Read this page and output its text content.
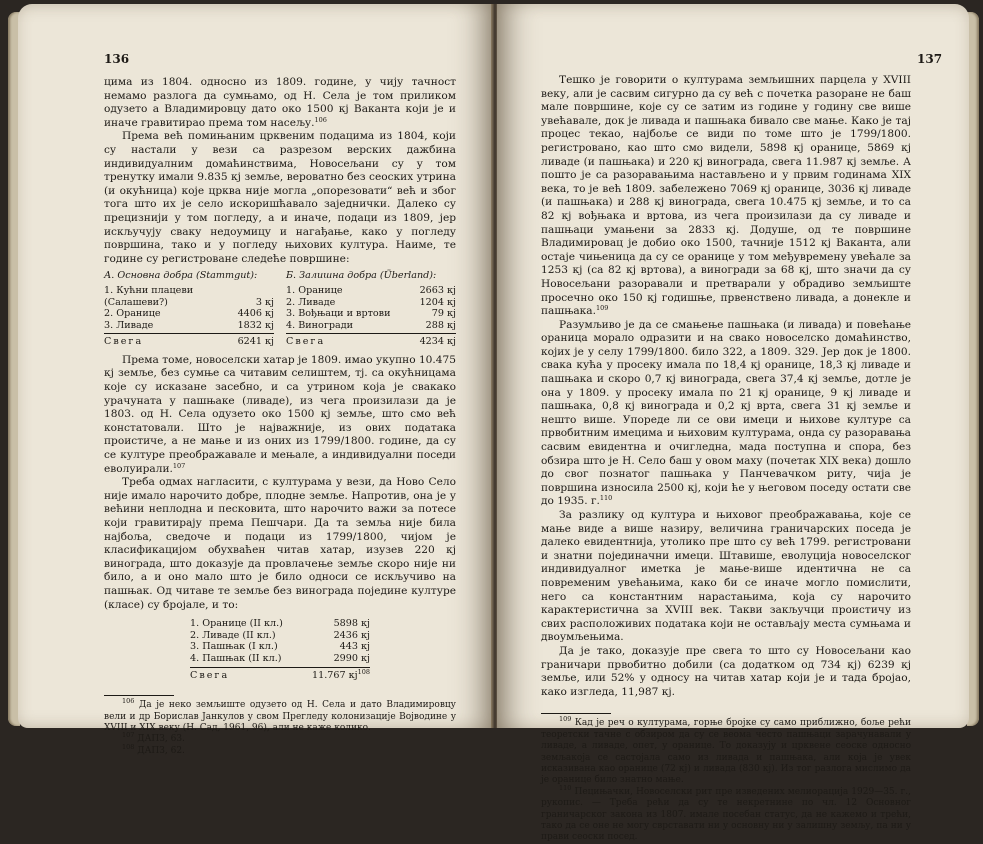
136

цима из 1804. односно из 1809. године, у чију тачност немамо разлога да сумњамо, од Н. Села је том приликом одузето а Владимировцу дато око 1500 кј Ваканта који је и иначе гравитирао према том насељу.$^{106}$

Према већ помињаним црквеним подацима из 1804, који су настали у вези са разрезом верских дажбина индивидуалним домаћинствима, Новосељани су у том тренутку имали 9.835 кј земље, вероватно без сеоских утрина (и окућница) које црква није могла „опорезовати“ већ и због тога што их је село искоришћавало заједнички. Далеко су прецизнији у том погледу, а и иначе, подаци из 1809, јер искључују сваку недоумицу и нагађање, како у погледу површина, тако и у погледу њихових култура. Наиме, те године су регистроване следеће површине:

А. Основна добра (Stammgut):
1. Кућни плацеви
(Салашеви?)	3 кј
2. Оранице	4406 кј
3. Ливаде	1832 кј
Свега	6241 кј
Б. Залишна добра (Überland):
1. Оранице	2663 кј
2. Ливаде	1204 кј
3. Вођњаци и вртови	79 кј
4. Виногради	288 кј
Свега	4234 кј

Према томе, новоселски хатар је 1809. имао укупно 10.475 кј земље, без сумње са читавим селиштем, тј. са окућницама које су исказане засебно, и са утрином која је свакако урачуната у пашњаке (ливаде), из чега произилази да је 1803. од Н. Села одузето око 1500 кј земље, што смо већ констатовали. Што је најважније, из ових података проистиче, а не мање и из оних из 1799/1800. године, да су се културе преображавале и мењале, а индивидуални поседи еволуирали.$^{107}$

Треба одмах нагласити, с културама у вези, да Ново Село није имало нарочито добре, плодне земље. Напротив, она је у већини неплодна и песковита, што нарочито важи за потесе који гравитирају према Пешчари. Да та земља није била најбоља, сведоче и подаци из 1799/1800, чијом је класификацијом обухваћен читав хатар, изузев 220 кј винограда, што доказује да провлачење земље скоро није ни било, а и оно мало што је било односи се искључиво на пашњак. Од читаве те земље без винограда поједине културе (класе) су бројале, и то:

1. Оранице (II кл.)	5898 кј
2. Ливаде (II кл.)	2436 кј
3. Пашњак (I кл.)	443 кј
4. Пашњак (II кл.)	2990 кј
Свега	11.767 $кј^{108}$

$^{106}$ Да је неко земљиште одузето од Н. Села и дато Владимировцу вели и др Борислав Јанкулов у свом Прегледу колонизације Војводине у XVIII и XIX веку (Н. Сад, 1961, 96), али не каже колико.

$^{107}$ ДАПЗ, 63.

$^{108}$ ДАПЗ, 62.

137

Тешко је говорити о културама земљишних парцела у XVIII веку, али је сасвим сигурно да су већ с почетка разоране не баш мале површине, које су се затим из године у годину све више увећавале, док је ливада и пашњака бивало све мање. Како је тај процес текао, најбоље се види по томе што је 1799/1800. регистровано, као што смо видели, 5898 кј оранице, 5869 кј ливаде (и пашњака) и 220 кј винограда, свега 11.987 кј земље. А пошто је са разоравањима настављено и у првим годинама XIX века, то је већ 1809. забележено 7069 кј оранице, 3036 кј ливаде (и пашњака) и 288 кј винограда, свега 10.475 кј земље, и то са 82 кј вођњака и вртова, из чега произилази да су ливаде и пашњаци умањени за 2833 кј. Додуше, од те површине Владимировац је добио око 1500, тачније 1512 кј Ваканта, али остаје чињеница да су се оранице у том међувремену увећале за 1253 кј (са 82 кј вртова), а виногради за 68 кј, што значи да су Новосељани разоравали и претварали у обрадиво земљиште просечно око 150 кј годишње, првенствено ливада, а донекле и пашњака.$^{109}$

Разумљиво је да се смањење пашњака (и ливада) и повећање ораница морало одразити и на свако новоселско домаћинство, којих је у селу 1799/1800. било 322, а 1809. 329. Јер док је 1800. свака кућа у просеку имала по 18,4 кј оранице, 18,3 кј ливаде и пашњака и скоро 0,7 кј винограда, свега 37,4 кј земље, дотле је она у 1809. у просеку имала по 21 кј оранице, 9 кј ливаде и пашњака, 0,8 кј винограда и 0,2 кј врта, свега 31 кј земље и нешто више. Упореде ли се ови имеци и њихове културе са првобитним имецима и њиховим културама, онда су разоравања сасвим евидентна и очигледна, мада поступна и спора, без обзира што је Н. Село баш у овом маху (почетак XIX века) дошло до свог познатог пашњака у Панчевачком риту, чија је површина износила 2500 кј, који ће у његовом поседу остати све до 1935. г.$^{110}$

За разлику од култура и њиховог преображавања, које се мање виде а више назиру, величина граничарских поседа је далеко евидентнија, утолико пре што су већ 1799. регистровани и знатни појединачни имеци. Штавише, еволуција новоселског индивидуалног иметка је мање-више идентична не са повременим увећањима, како би се иначе могло помислити, него са константним нарастањима, која су нарочито карактеристична за XVIII век. Такви закључци проистичу из свих расположивих података који не остављају места сумњама и двоумљењима.

Да је тако, доказује пре свега то што су Новосељани као граничари првобитно добили (са додатком од 734 кј) 6239 кј земље, или 52% у односу на читав хатар који је и тада бројао, како изгледа, 11,987 кј.

$^{109}$ Кад је реч о културама, горње бројке су само приближно, боље рећи теоретски тачне с обзиром да су се веома често пашњаци зарачунавали у ливаде, а ливаде, опет, у оранице. То доказују и црквене сеоске односно земљакоја се састојала само из ливада и пашњака, али која је увек исказивана као оранице (72 кј) и ливада (830 кј). Из тог разлога мислимо да је оранице било знатно мање.

$^{110}$ Пецињачки, Новоселски рит пре изведених мелиорација 1929—35. г., рукопис. — Треба рећи да су те некретнине по чл. 12 Основног граничарског закона из 1807. имале посебан статус, да не кажемо и трећи, тако да се оне не могу сврставати ни у основну ни у залишну земљу, па ни у прави сеоски посед.
